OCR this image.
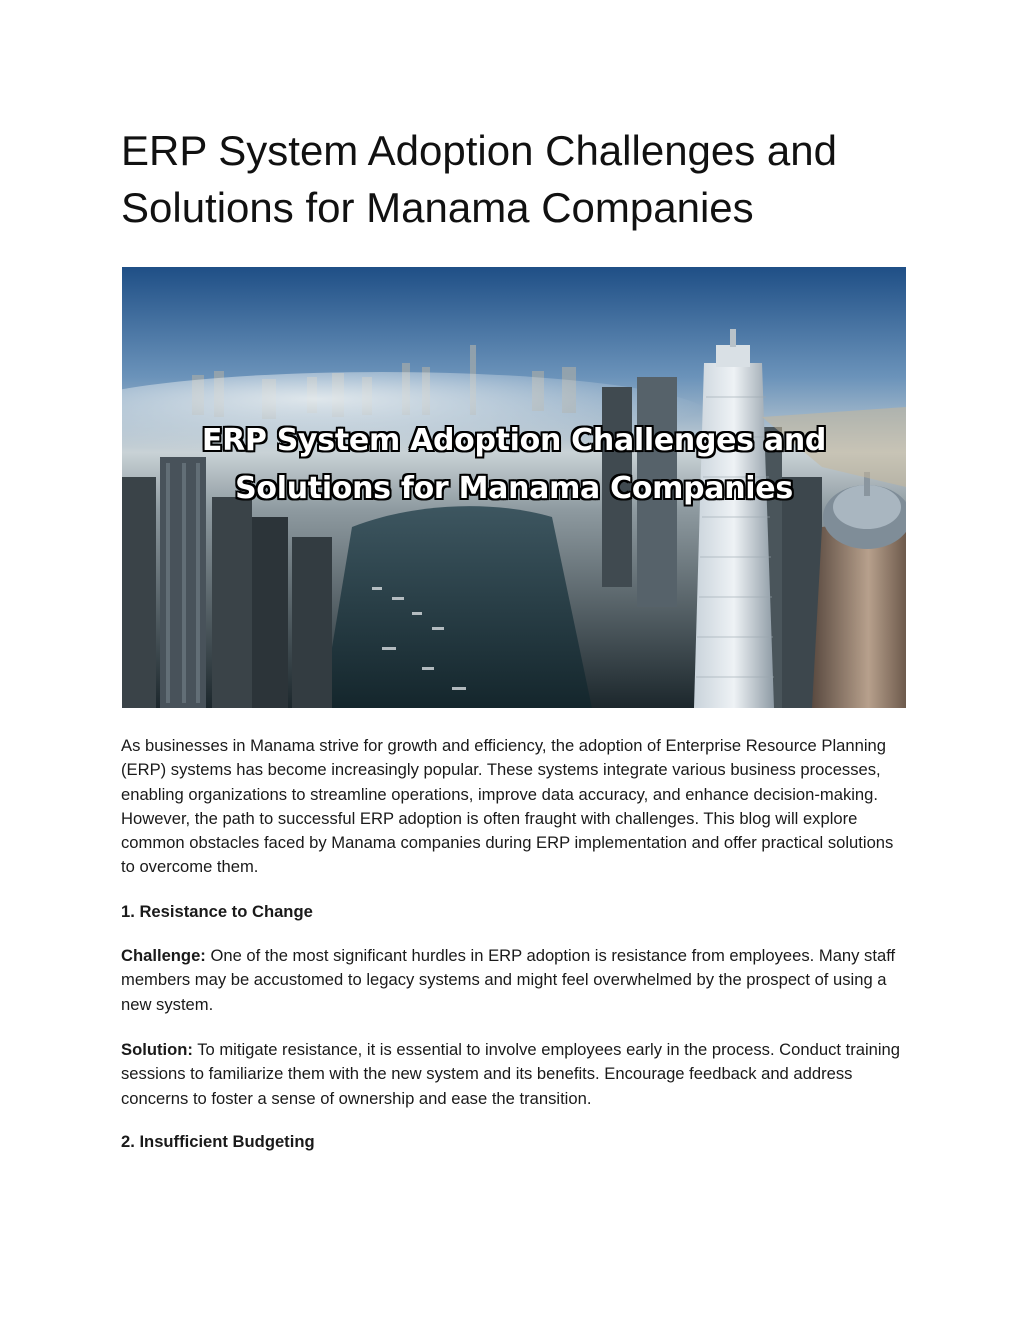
ERP System Adoption Challenges and Solutions for Manama Companies
ERP System Adoption Challenges and
Solutions for Manama Companies

As businesses in Manama strive for growth and efficiency, the adoption of Enterprise Resource Planning (ERP) systems has become increasingly popular. These systems integrate various business processes, enabling organizations to streamline operations, improve data accuracy, and enhance decision-making. However, the path to successful ERP adoption is often fraught with challenges. This blog will explore common obstacles faced by Manama companies during ERP implementation and offer practical solutions to overcome them.

1. Resistance to Change

Challenge: One of the most significant hurdles in ERP adoption is resistance from employees. Many staff members may be accustomed to legacy systems and might feel overwhelmed by the prospect of using a new system.

Solution: To mitigate resistance, it is essential to involve employees early in the process. Conduct training sessions to familiarize them with the new system and its benefits. Encourage feedback and address concerns to foster a sense of ownership and ease the transition.

2. Insufficient Budgeting
